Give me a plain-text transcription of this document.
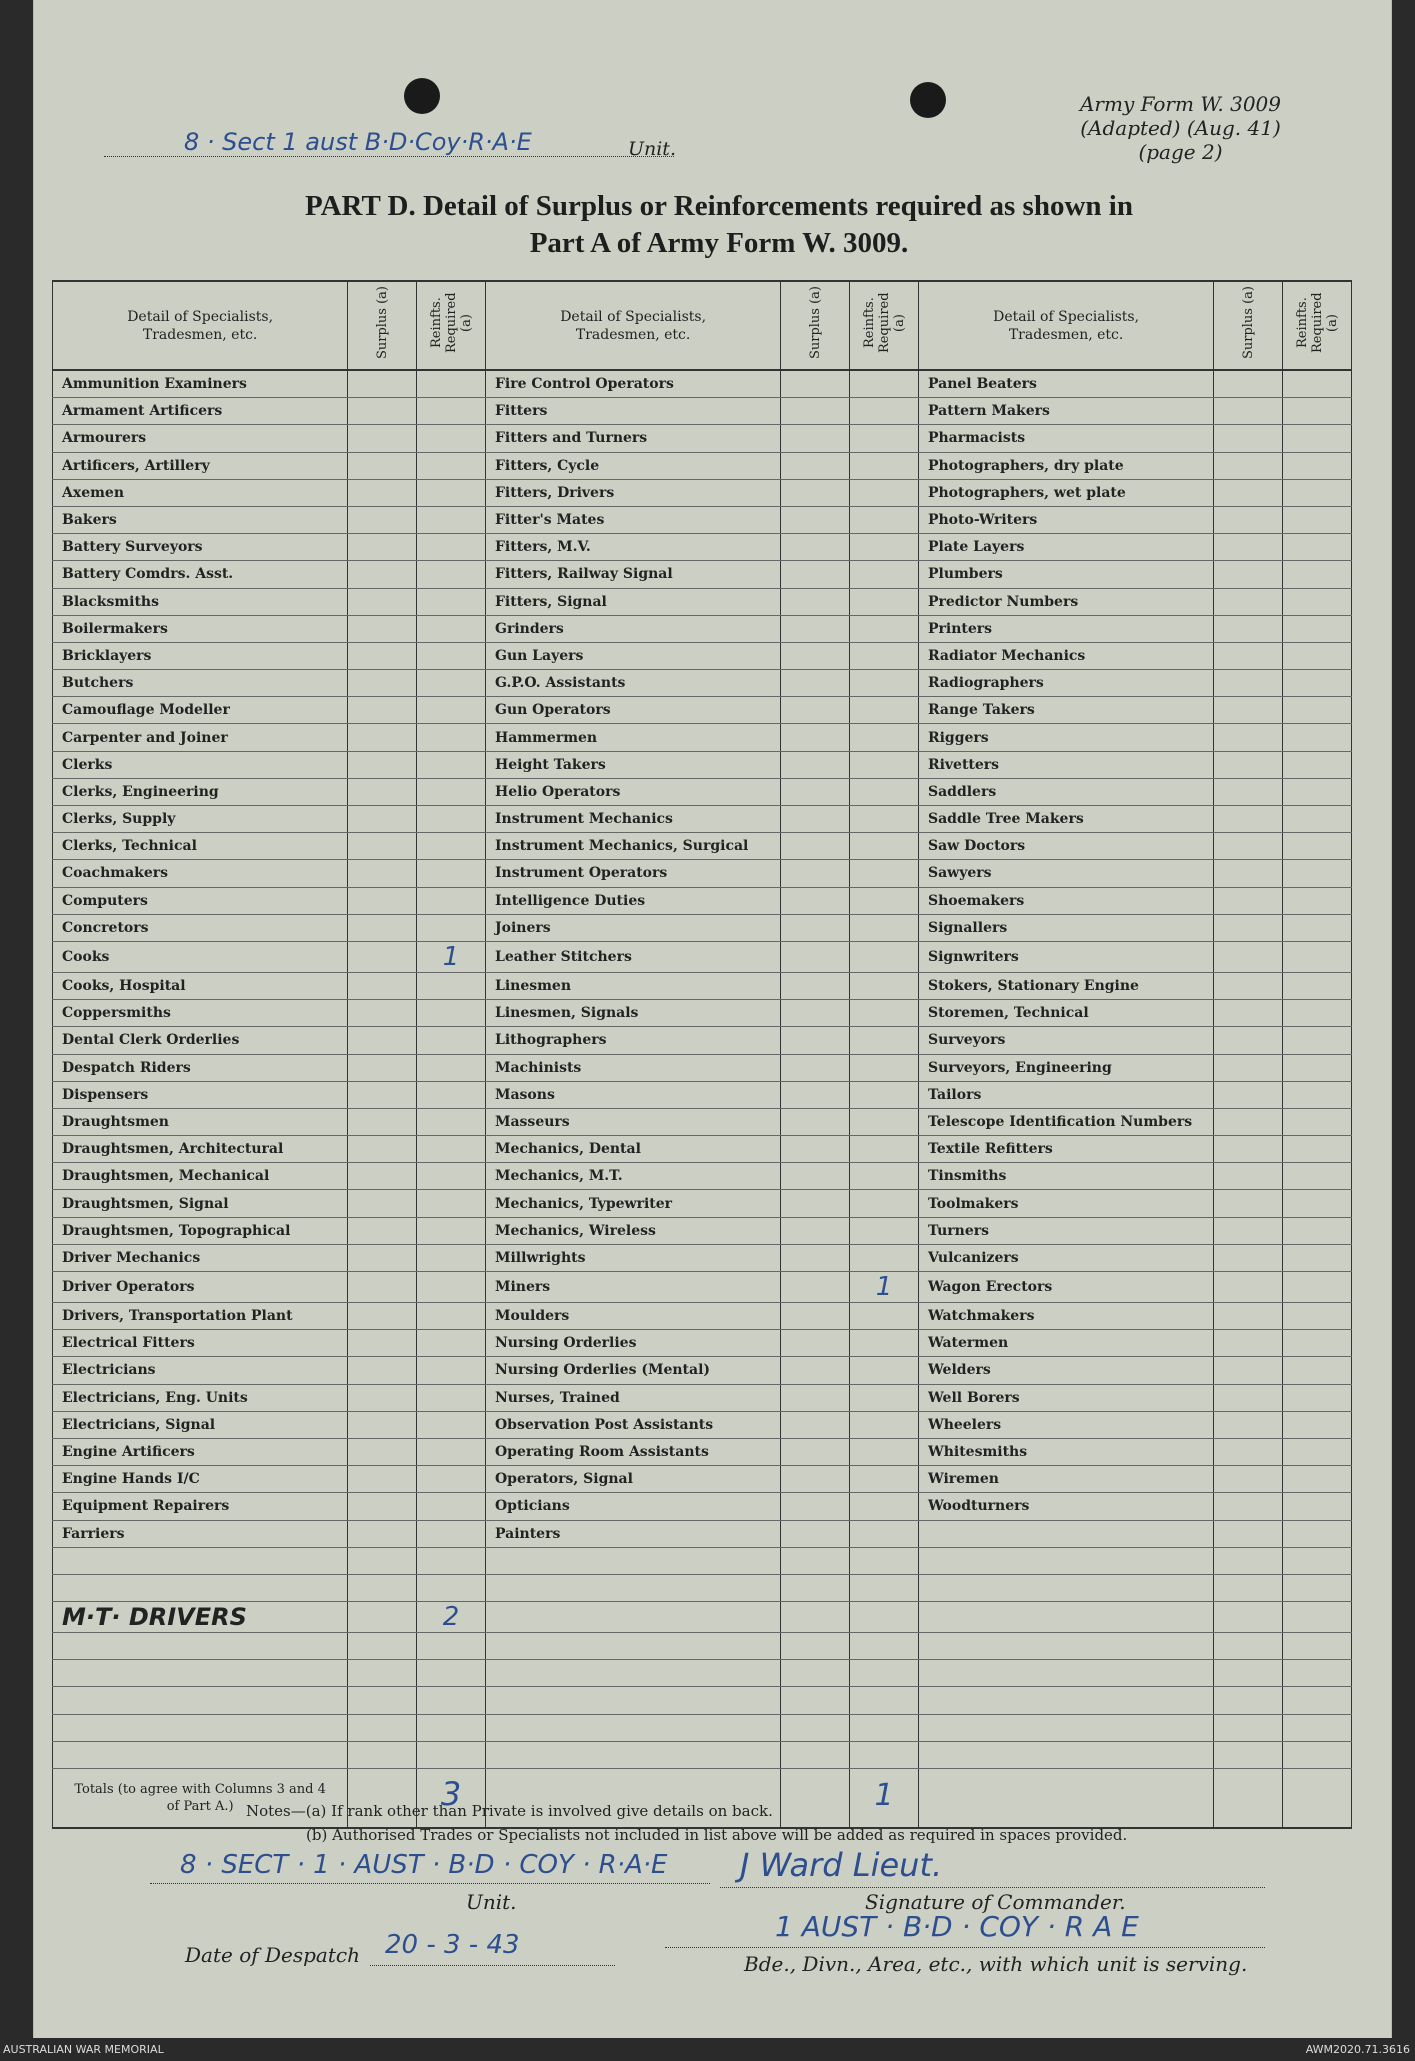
Army Form W. 3009
(Adapted) (Aug. 41)
(page 2)
8 · Sect 1 aust B·D·Coy·R·A·E	Unit.
PART D. Detail of Surplus or Reinforcements required as shown in
Part A of Army Form W. 3009.
Detail of Specialists, Tradesmen, etc.	Surplus (a)	Reinfts. Required (a)	Detail of Specialists, Tradesmen, etc.	Surplus (a)	Reinfts. Required (a)	Detail of Specialists, Tradesmen, etc.	Surplus (a)	Reinfts. Required (a)
Ammunition Examiners			Fire Control Operators			Panel Beaters		
Armament Artificers			Fitters			Pattern Makers		
Armourers			Fitters and Turners			Pharmacists		
Artificers, Artillery			Fitters, Cycle			Photographers, dry plate		
Axemen			Fitters, Drivers			Photographers, wet plate		
Bakers			Fitter's Mates			Photo-Writers		
Battery Surveyors			Fitters, M.V.			Plate Layers		
Battery Comdrs. Asst.			Fitters, Railway Signal			Plumbers		
Blacksmiths			Fitters, Signal			Predictor Numbers		
Boilermakers			Grinders			Printers		
Bricklayers			Gun Layers			Radiator Mechanics		
Butchers			G.P.O. Assistants			Radiographers		
Camouflage Modeller			Gun Operators			Range Takers		
Carpenter and Joiner			Hammermen			Riggers		
Clerks			Height Takers			Rivetters		
Clerks, Engineering			Helio Operators			Saddlers		
Clerks, Supply			Instrument Mechanics			Saddle Tree Makers		
Clerks, Technical			Instrument Mechanics, Surgical			Saw Doctors		
Coachmakers			Instrument Operators			Sawyers		
Computers			Intelligence Duties			Shoemakers		
Concretors			Joiners			Signallers		
Cooks		1	Leather Stitchers			Signwriters		
Cooks, Hospital			Linesmen			Stokers, Stationary Engine		
Coppersmiths			Linesmen, Signals			Storemen, Technical		
Dental Clerk Orderlies			Lithographers			Surveyors		
Despatch Riders			Machinists			Surveyors, Engineering		
Dispensers			Masons			Tailors		
Draughtsmen			Masseurs			Telescope Identification Numbers		
Draughtsmen, Architectural			Mechanics, Dental			Textile Refitters		
Draughtsmen, Mechanical			Mechanics, M.T.			Tinsmiths		
Draughtsmen, Signal			Mechanics, Typewriter			Toolmakers		
Draughtsmen, Topographical			Mechanics, Wireless			Turners		
Driver Mechanics			Millwrights			Vulcanizers		
Driver Operators			Miners		1	Wagon Erectors		
Drivers, Transportation Plant			Moulders			Watchmakers		
Electrical Fitters			Nursing Orderlies			Watermen		
Electricians			Nursing Orderlies (Mental)			Welders		
Electricians, Eng. Units			Nurses, Trained			Well Borers		
Electricians, Signal			Observation Post Assistants			Wheelers		
Engine Artificers			Operating Room Assistants			Whitesmiths		
Engine Hands I/C			Operators, Signal			Wiremen		
Equipment Repairers			Opticians			Woodturners		
Farriers			Painters					

M·T· DRIVERS		2						

Totals (to agree with Columns 3 and 4 of Part A.)		3			1			
Notes—(a) If rank other than Private is involved give details on back.
(b) Authorised Trades or Specialists not included in list above will be added as required in spaces provided.
8 · SECT · 1 · AUST · B·D · COY · R·A·E
Unit.
J Ward Lieut.
Signature of Commander.
Date of Despatch 20 - 3 - 43
1 AUST · B·D · COY · R A E
Bde., Divn., Area, etc., with which unit is serving.
AUSTRALIAN WAR MEMORIAL	AWM2020.71.3616
